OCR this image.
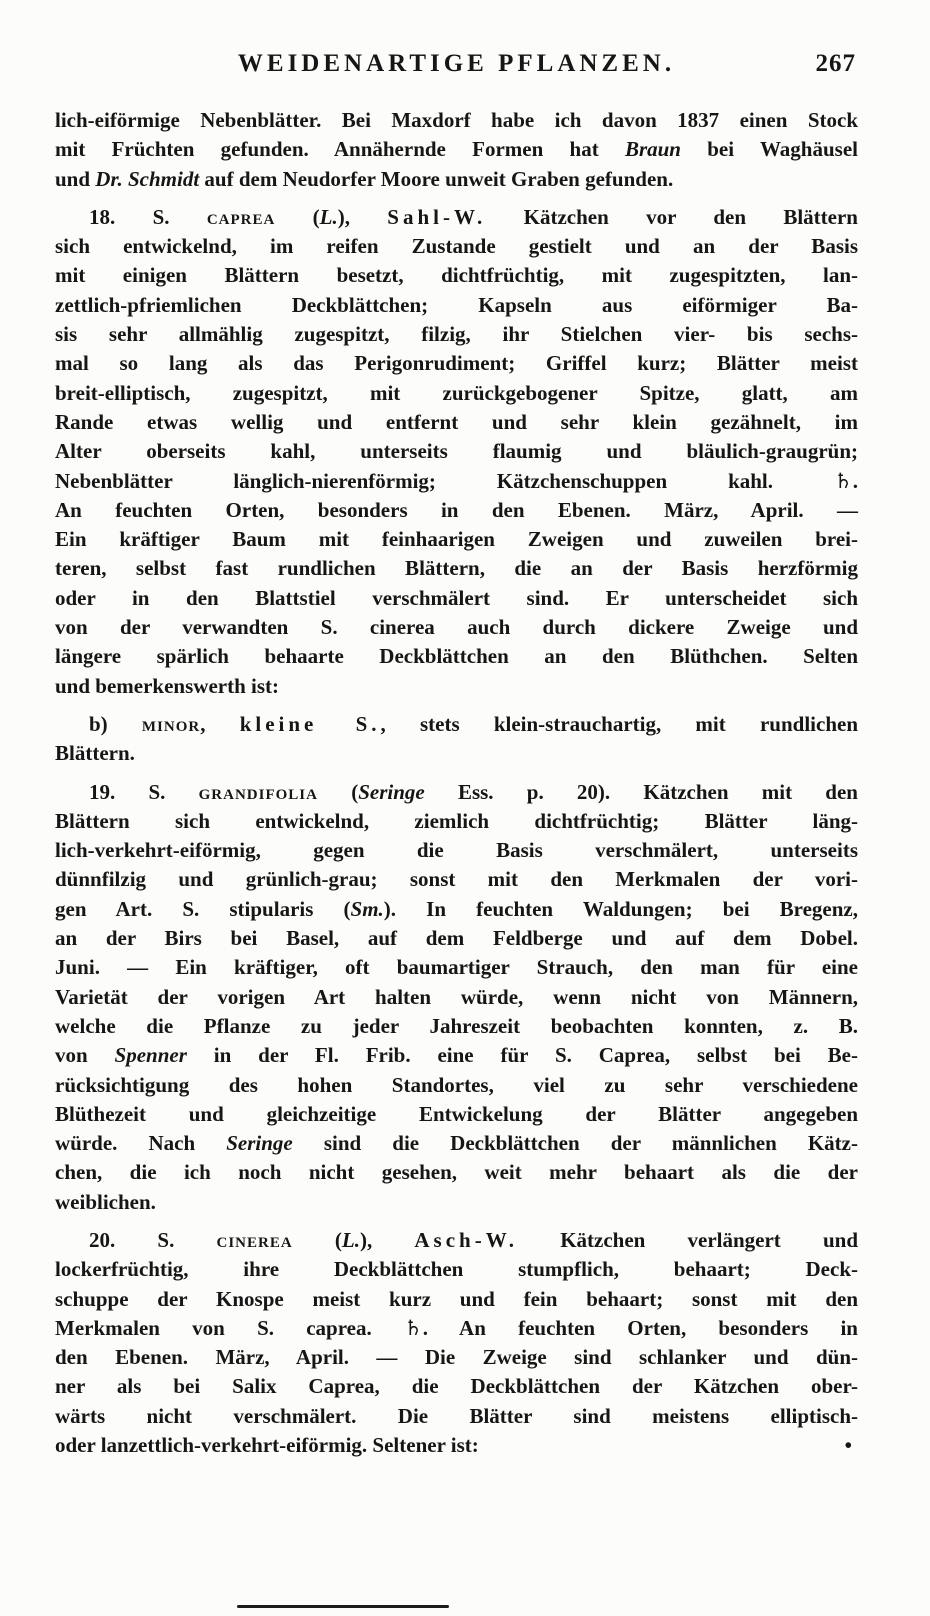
WEIDENARTIGE PFLANZEN.	267
lich-eiförmige Nebenblätter. Bei Maxdorf habe ich davon 1837 einen Stock
mit Früchten gefunden. Annähernde Formen hat Braun bei Waghäusel
und Dr. Schmidt auf dem Neudorfer Moore unweit Graben gefunden.
18. S. caprea (L.), Sahl-W. Kätzchen vor den Blättern
sich entwickelnd, im reifen Zustande gestielt und an der Basis
mit einigen Blättern besetzt, dichtfrüchtig, mit zugespitzten, lan-
zettlich-pfriemlichen Deckblättchen; Kapseln aus eiförmiger Ba-
sis sehr allmählig zugespitzt, filzig, ihr Stielchen vier- bis sechs-
mal so lang als das Perigonrudiment; Griffel kurz; Blätter meist
breit-elliptisch, zugespitzt, mit zurückgebogener Spitze, glatt, am
Rande etwas wellig und entfernt und sehr klein gezähnelt, im
Alter oberseits kahl, unterseits flaumig und bläulich-graugrün;
Nebenblätter länglich-nierenförmig; Kätzchenschuppen kahl. ♄.
An feuchten Orten, besonders in den Ebenen. März, April. —
Ein kräftiger Baum mit feinhaarigen Zweigen und zuweilen brei-
teren, selbst fast rundlichen Blättern, die an der Basis herzförmig
oder in den Blattstiel verschmälert sind. Er unterscheidet sich
von der verwandten S. cinerea auch durch dickere Zweige und
längere spärlich behaarte Deckblättchen an den Blüthchen. Selten
und bemerkenswerth ist:
b) minor, kleine S., stets klein-strauchartig, mit rundlichen
Blättern.
19. S. grandifolia (Seringe Ess. p. 20). Kätzchen mit den
Blättern sich entwickelnd, ziemlich dichtfrüchtig; Blätter läng-
lich-verkehrt-eiförmig, gegen die Basis verschmälert, unterseits
dünnfilzig und grünlich-grau; sonst mit den Merkmalen der vori-
gen Art. S. stipularis (Sm.). In feuchten Waldungen; bei Bregenz,
an der Birs bei Basel, auf dem Feldberge und auf dem Dobel.
Juni. — Ein kräftiger, oft baumartiger Strauch, den man für eine
Varietät der vorigen Art halten würde, wenn nicht von Männern,
welche die Pflanze zu jeder Jahreszeit beobachten konnten, z. B.
von Spenner in der Fl. Frib. eine für S. Caprea, selbst bei Be-
rücksichtigung des hohen Standortes, viel zu sehr verschiedene
Blüthezeit und gleichzeitige Entwickelung der Blätter angegeben
würde. Nach Seringe sind die Deckblättchen der männlichen Kätz-
chen, die ich noch nicht gesehen, weit mehr behaart als die der
weiblichen.
20. S. cinerea (L.), Asch-W. Kätzchen verlängert und
lockerfrüchtig, ihre Deckblättchen stumpflich, behaart; Deck-
schuppe der Knospe meist kurz und fein behaart; sonst mit den
Merkmalen von S. caprea. ♄. An feuchten Orten, besonders in
den Ebenen. März, April. — Die Zweige sind schlanker und dün-
ner als bei Salix Caprea, die Deckblättchen der Kätzchen ober-
wärts nicht verschmälert. Die Blätter sind meistens elliptisch-
oder lanzettlich-verkehrt-eiförmig. Seltener ist:	•
